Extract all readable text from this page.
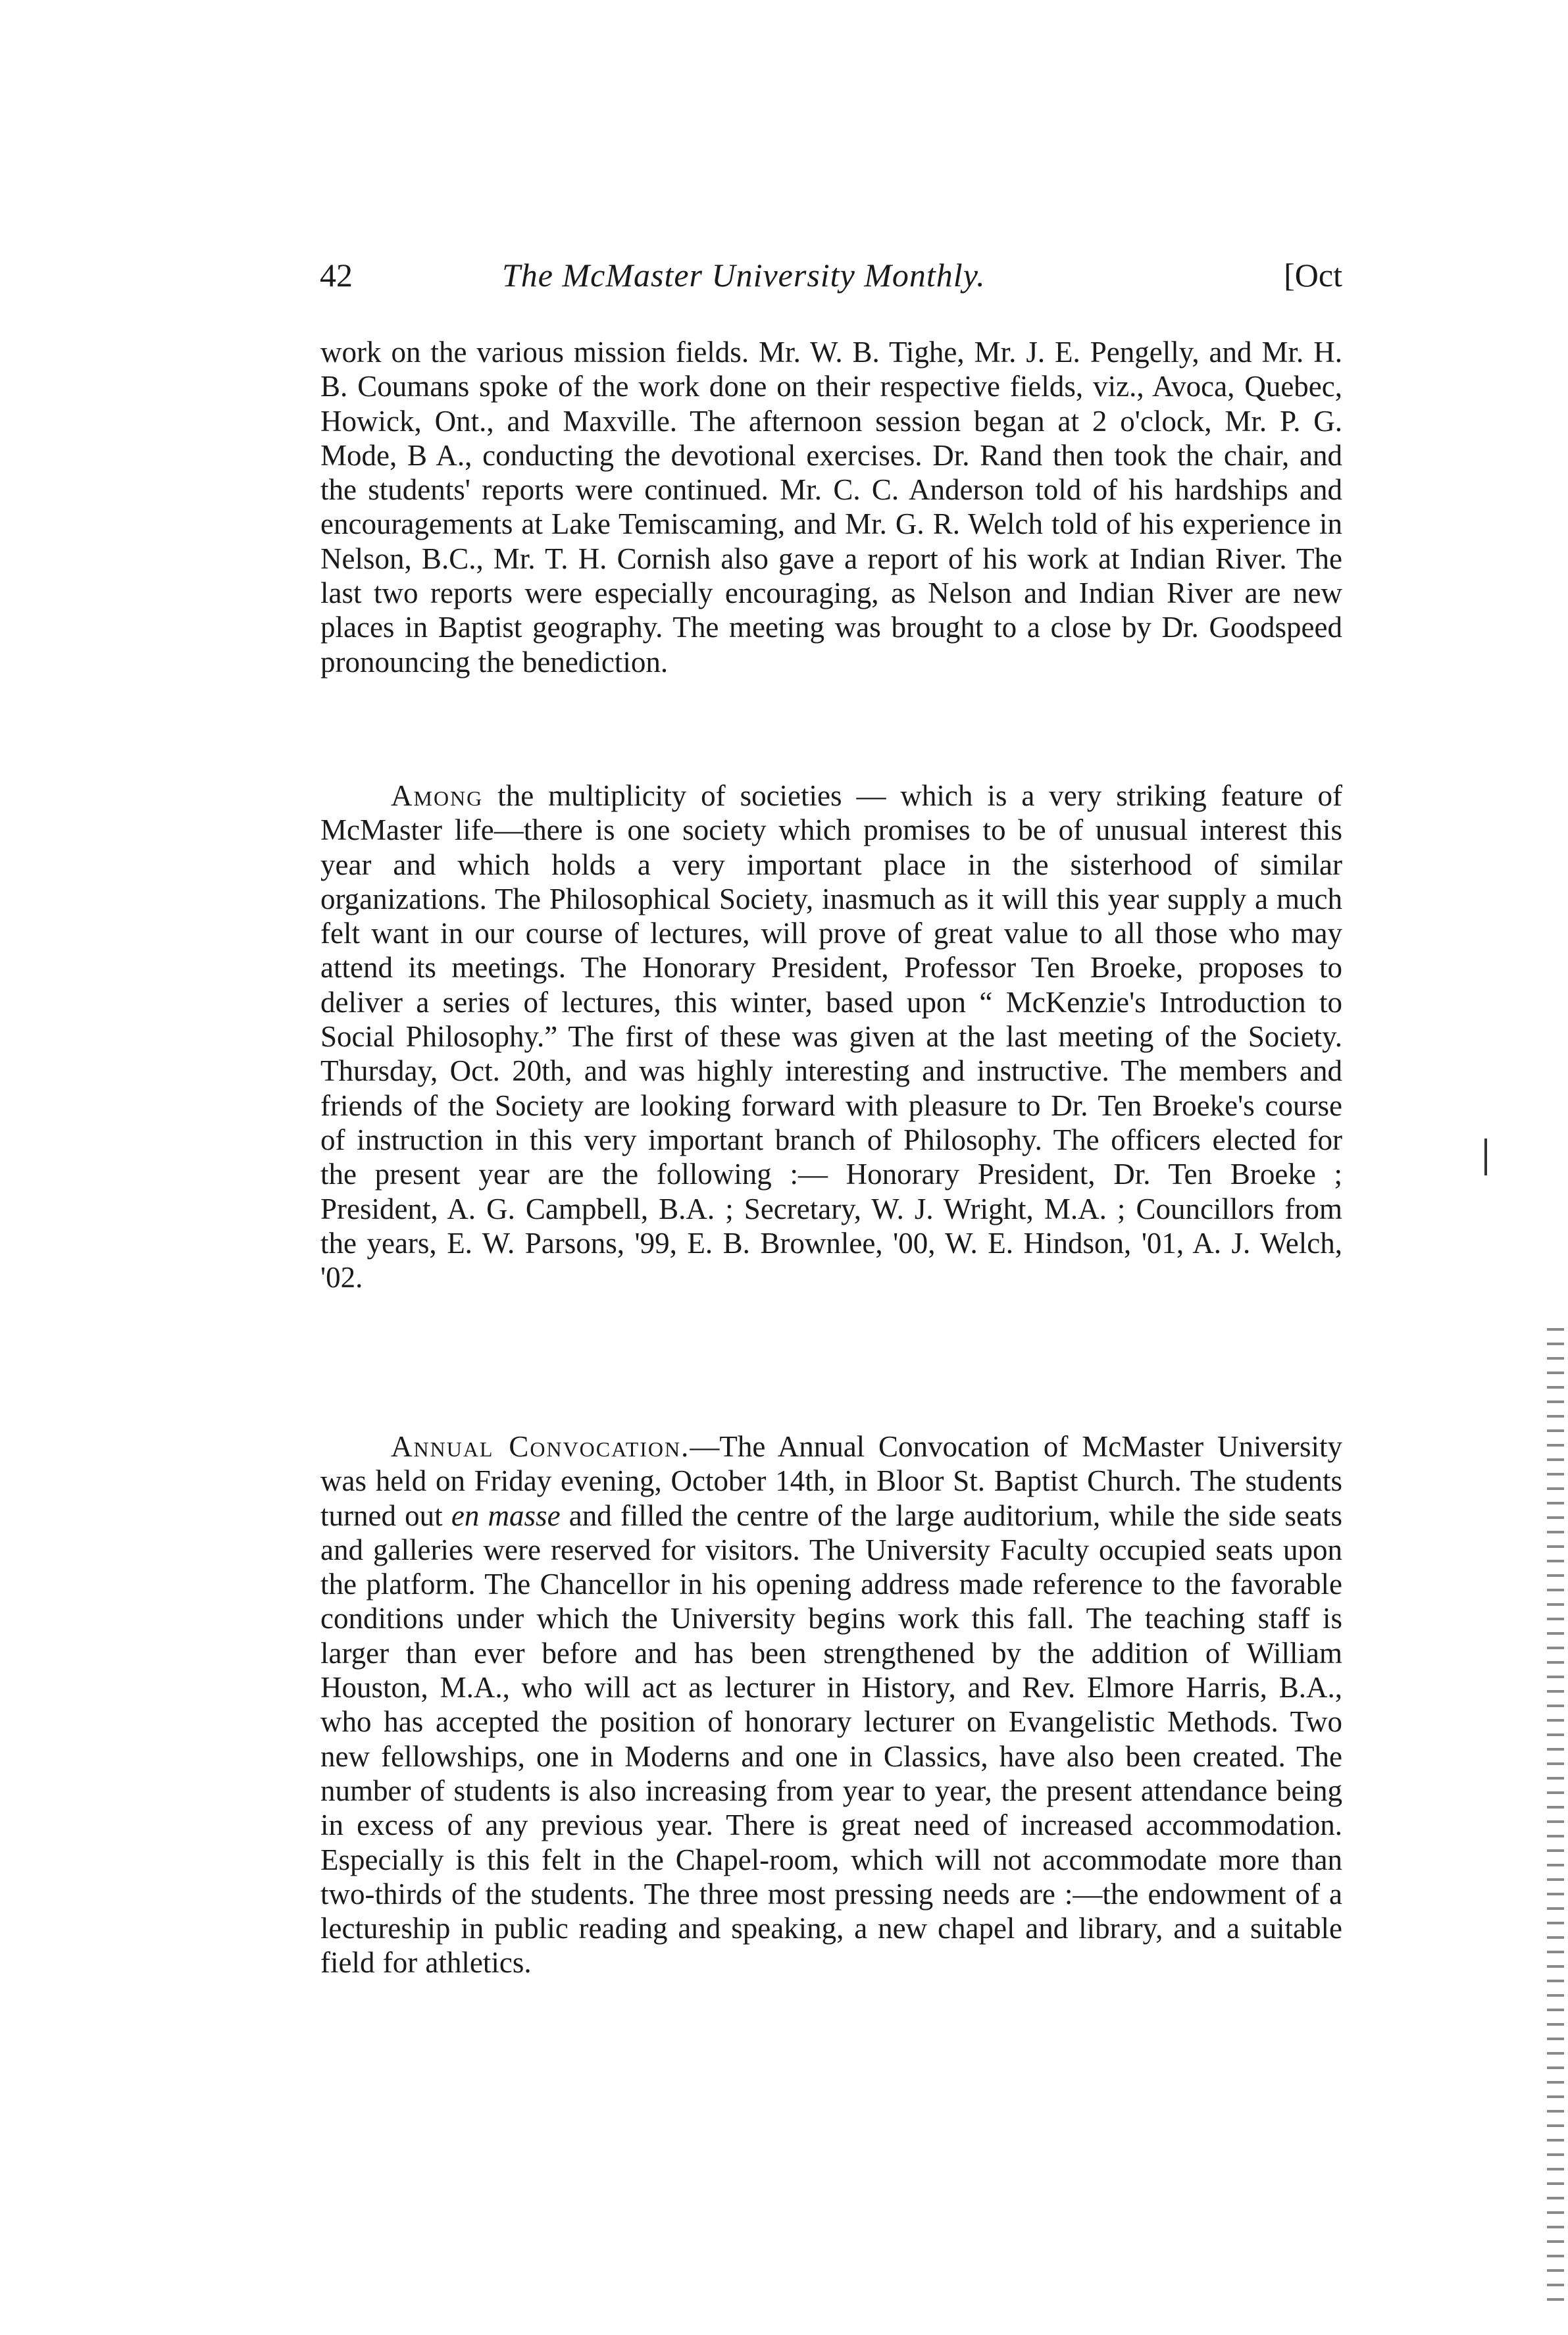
42	The McMaster University Monthly.	[Oct

work on the various mission fields. Mr. W. B. Tighe, Mr. J. E. Pengelly, and Mr. H. B. Coumans spoke of the work done on their respective fields, viz., Avoca, Quebec, Howick, Ont., and Maxville. The afternoon session began at 2 o'clock, Mr. P. G. Mode, B A., conducting the devotional exercises. Dr. Rand then took the chair, and the students' reports were continued. Mr. C. C. Anderson told of his hardships and encouragements at Lake Temiscaming, and Mr. G. R. Welch told of his experience in Nelson, B.C., Mr. T. H. Cornish also gave a report of his work at Indian River. The last two reports were especially encouraging, as Nelson and Indian River are new places in Baptist geography. The meeting was brought to a close by Dr. Goodspeed pronouncing the benediction.

Among the multiplicity of societies — which is a very striking feature of McMaster life—there is one society which promises to be of unusual interest this year and which holds a very important place in the sisterhood of similar organizations. The Philosophical Society, inasmuch as it will this year supply a much felt want in our course of lectures, will prove of great value to all those who may attend its meetings. The Honorary President, Professor Ten Broeke, proposes to deliver a series of lectures, this winter, based upon “ McKenzie's Introduction to Social Philosophy.” The first of these was given at the last meeting of the Society. Thursday, Oct. 20th, and was highly interesting and instructive. The members and friends of the Society are looking forward with pleasure to Dr. Ten Broeke's course of instruction in this very important branch of Philosophy. The officers elected for the present year are the following :— Honorary President, Dr. Ten Broeke ; President, A. G. Campbell, B.A. ; Secretary, W. J. Wright, M.A. ; Councillors from the years, E. W. Parsons, '99, E. B. Brownlee, '00, W. E. Hindson, '01, A. J. Welch, '02.

Annual Convocation.—The Annual Convocation of McMaster University was held on Friday evening, October 14th, in Bloor St. Baptist Church. The students turned out en masse and filled the centre of the large auditorium, while the side seats and galleries were reserved for visitors. The University Faculty occupied seats upon the platform. The Chancellor in his opening address made reference to the favorable conditions under which the University begins work this fall. The teaching staff is larger than ever before and has been strengthened by the addition of William Houston, M.A., who will act as lecturer in History, and Rev. Elmore Harris, B.A., who has accepted the position of honorary lecturer on Evangelistic Methods. Two new fellowships, one in Moderns and one in Classics, have also been created. The number of students is also increasing from year to year, the present attendance being in excess of any previous year. There is great need of increased accommodation. Especially is this felt in the Chapel-room, which will not accommodate more than two-thirds of the students. The three most pressing needs are :—the endowment of a lectureship in public reading and speaking, a new chapel and library, and a suitable field for athletics.
